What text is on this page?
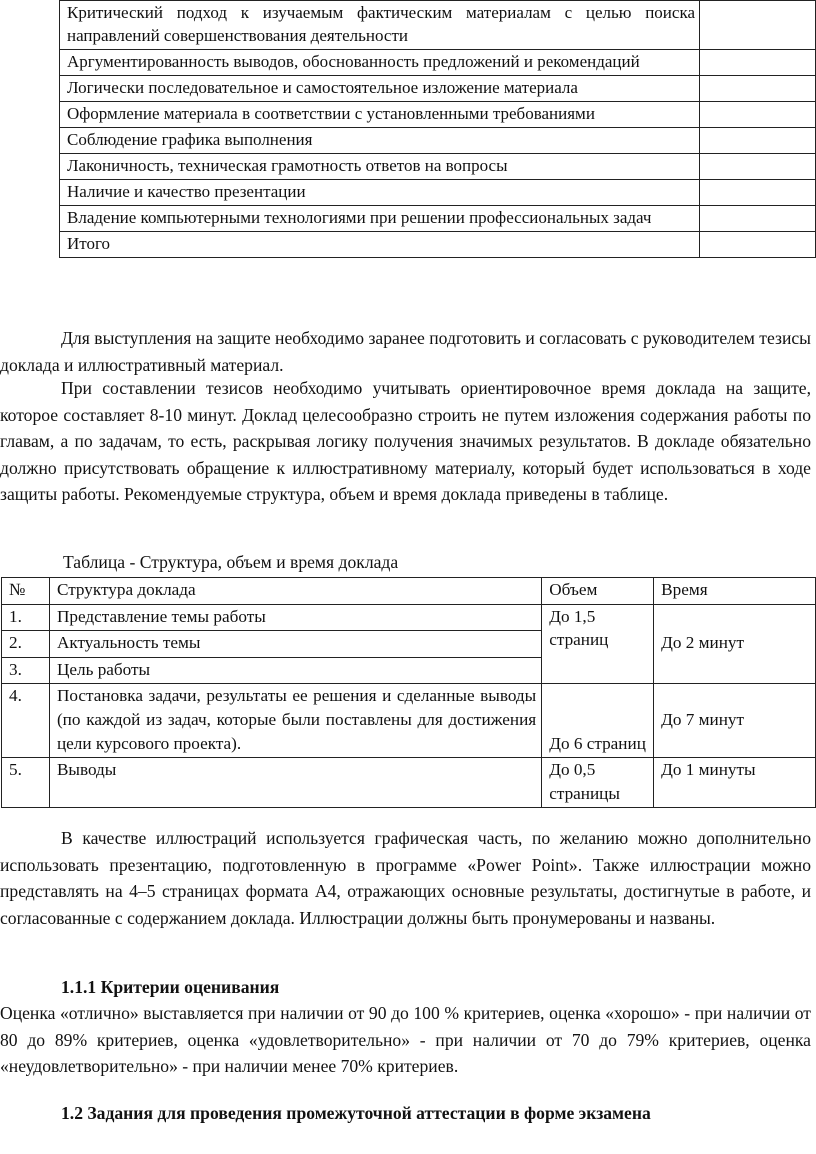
Критический подход к изучаемым фактическим материалам с целью поиска направлений совершенствования деятельности	
Аргументированность выводов, обоснованность предложений и рекомендаций	
Логически последовательное и самостоятельное изложение материала	
Оформление материала в соответствии с установленными требованиями	
Соблюдение графика выполнения	
Лаконичность, техническая грамотность ответов на вопросы	
Наличие и качество презентации	
Владение компьютерными технологиями при решении профессиональных задач	
Итого	

Для выступления на защите необходимо заранее подготовить и согласовать с руководителем тезисы доклада и иллюстративный материал.

При составлении тезисов необходимо учитывать ориентировочное время доклада на защите, которое составляет 8-10 минут. Доклад целесообразно строить не путем изложения содержания работы по главам, а по задачам, то есть, раскрывая логику получения значимых результатов. В докладе обязательно должно присутствовать обращение к иллюстративному материалу, который будет использоваться в ходе защиты работы. Рекомендуемые структура, объем и время доклада приведены в таблице.

Таблица - Структура, объем и время доклада

№	Структура доклада	Объем	Время
1.	Представление темы работы	До 1,5 страниц	До 2 минут
2.	Актуальность темы		
3.	Цель работы		
4.	Постановка задачи, результаты ее решения и сделанные выводы (по каждой из задач, которые были поставлены для достижения цели курсового проекта).	До 6 страниц	До 7 минут
5.	Выводы	До 0,5 страницы	До 1 минуты

В качестве иллюстраций используется графическая часть, по желанию можно дополнительно использовать презентацию, подготовленную в программе «Power Point». Также иллюстрации можно представлять на 4–5 страницах формата А4, отражающих основные результаты, достигнутые в работе, и согласованные с содержанием доклада. Иллюстрации должны быть пронумерованы и названы.

1.1.1 Критерии оценивания

Оценка «отлично» выставляется при наличии от 90 до 100 % критериев, оценка «хорошо» - при наличии от 80 до 89% критериев, оценка «удовлетворительно» - при наличии от 70 до 79% критериев, оценка «неудовлетворительно» - при наличии менее 70% критериев.

1.2 Задания для проведения промежуточной аттестации в форме экзамена
